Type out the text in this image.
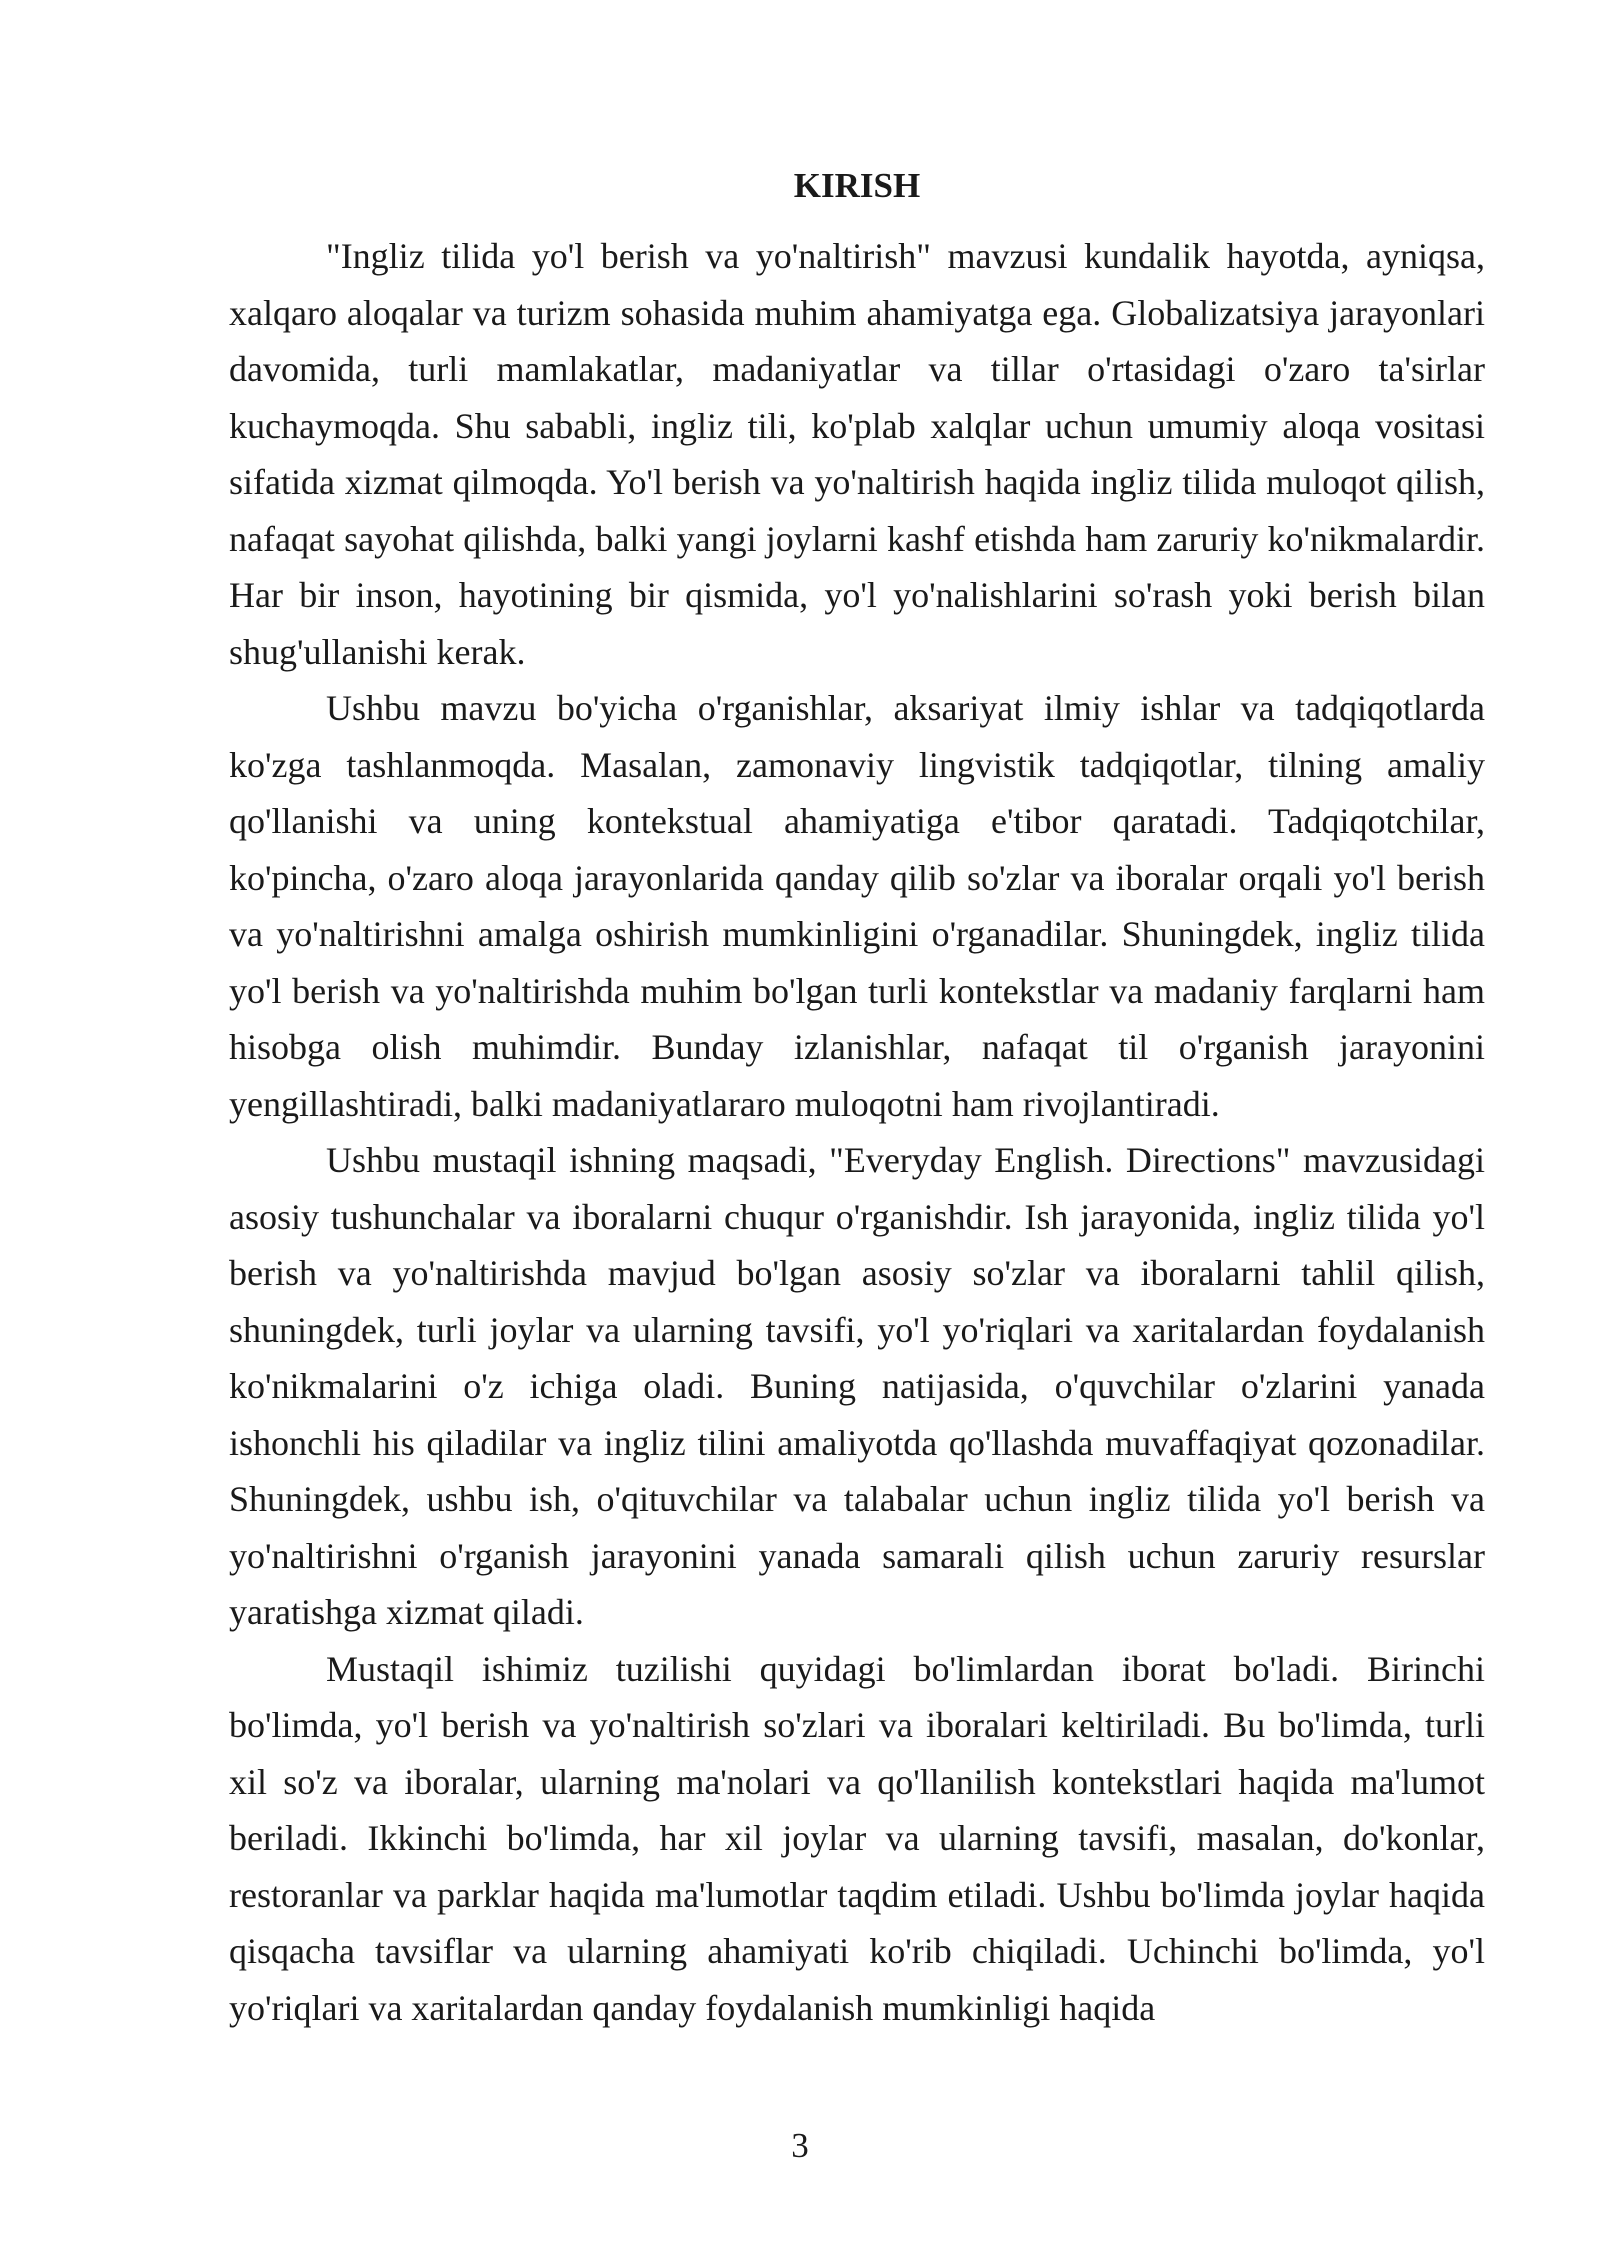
KIRISH

"Ingliz tilida yo'l berish va yo'naltirish" mavzusi kundalik hayotda, ayniqsa, xalqaro aloqalar va turizm sohasida muhim ahamiyatga ega. Globalizatsiya jarayonlari davomida, turli mamlakatlar, madaniyatlar va tillar o'rtasidagi o'zaro ta'sirlar kuchaymoqda. Shu sababli, ingliz tili, ko'plab xalqlar uchun umumiy aloqa vositasi sifatida xizmat qilmoqda. Yo'l berish va yo'naltirish haqida ingliz tilida muloqot qilish, nafaqat sayohat qilishda, balki yangi joylarni kashf etishda ham zaruriy ko'nikmalardir. Har bir inson, hayotining bir qismida, yo'l yo'nalishlarini so'rash yoki berish bilan shug'ullanishi kerak.

Ushbu mavzu bo'yicha o'rganishlar, aksariyat ilmiy ishlar va tadqiqotlarda ko'zga tashlanmoqda. Masalan, zamonaviy lingvistik tadqiqotlar, tilning amaliy qo'llanishi va uning kontekstual ahamiyatiga e'tibor qaratadi. Tadqiqotchilar, ko'pincha, o'zaro aloqa jarayonlarida qanday qilib so'zlar va iboralar orqali yo'l berish va yo'naltirishni amalga oshirish mumkinligini o'rganadilar. Shuningdek, ingliz tilida yo'l berish va yo'naltirishda muhim bo'lgan turli kontekstlar va madaniy farqlarni ham hisobga olish muhimdir. Bunday izlanishlar, nafaqat til o'rganish jarayonini yengillashtiradi, balki madaniyatlararo muloqotni ham rivojlantiradi.

Ushbu mustaqil ishning maqsadi, "Everyday English. Directions" mavzusidagi asosiy tushunchalar va iboralarni chuqur o'rganishdir. Ish jarayonida, ingliz tilida yo'l berish va yo'naltirishda mavjud bo'lgan asosiy so'zlar va iboralarni tahlil qilish, shuningdek, turli joylar va ularning tavsifi, yo'l yo'riqlari va xaritalardan foydalanish ko'nikmalarini o'z ichiga oladi. Buning natijasida, o'quvchilar o'zlarini yanada ishonchli his qiladilar va ingliz tilini amaliyotda qo'llashda muvaffaqiyat qozonadilar. Shuningdek, ushbu ish, o'qituvchilar va talabalar uchun ingliz tilida yo'l berish va yo'naltirishni o'rganish jarayonini yanada samarali qilish uchun zaruriy resurslar yaratishga xizmat qiladi.

Mustaqil ishimiz tuzilishi quyidagi bo'limlardan iborat bo'ladi. Birinchi bo'limda, yo'l berish va yo'naltirish so'zlari va iboralari keltiriladi. Bu bo'limda, turli xil so'z va iboralar, ularning ma'nolari va qo'llanilish kontekstlari haqida ma'lumot beriladi. Ikkinchi bo'limda, har xil joylar va ularning tavsifi, masalan, do'konlar, restoranlar va parklar haqida ma'lumotlar taqdim etiladi. Ushbu bo'limda joylar haqida qisqacha tavsiflar va ularning ahamiyati ko'rib chiqiladi. Uchinchi bo'limda, yo'l yo'riqlari va xaritalardan qanday foydalanish mumkinligi haqida

3
